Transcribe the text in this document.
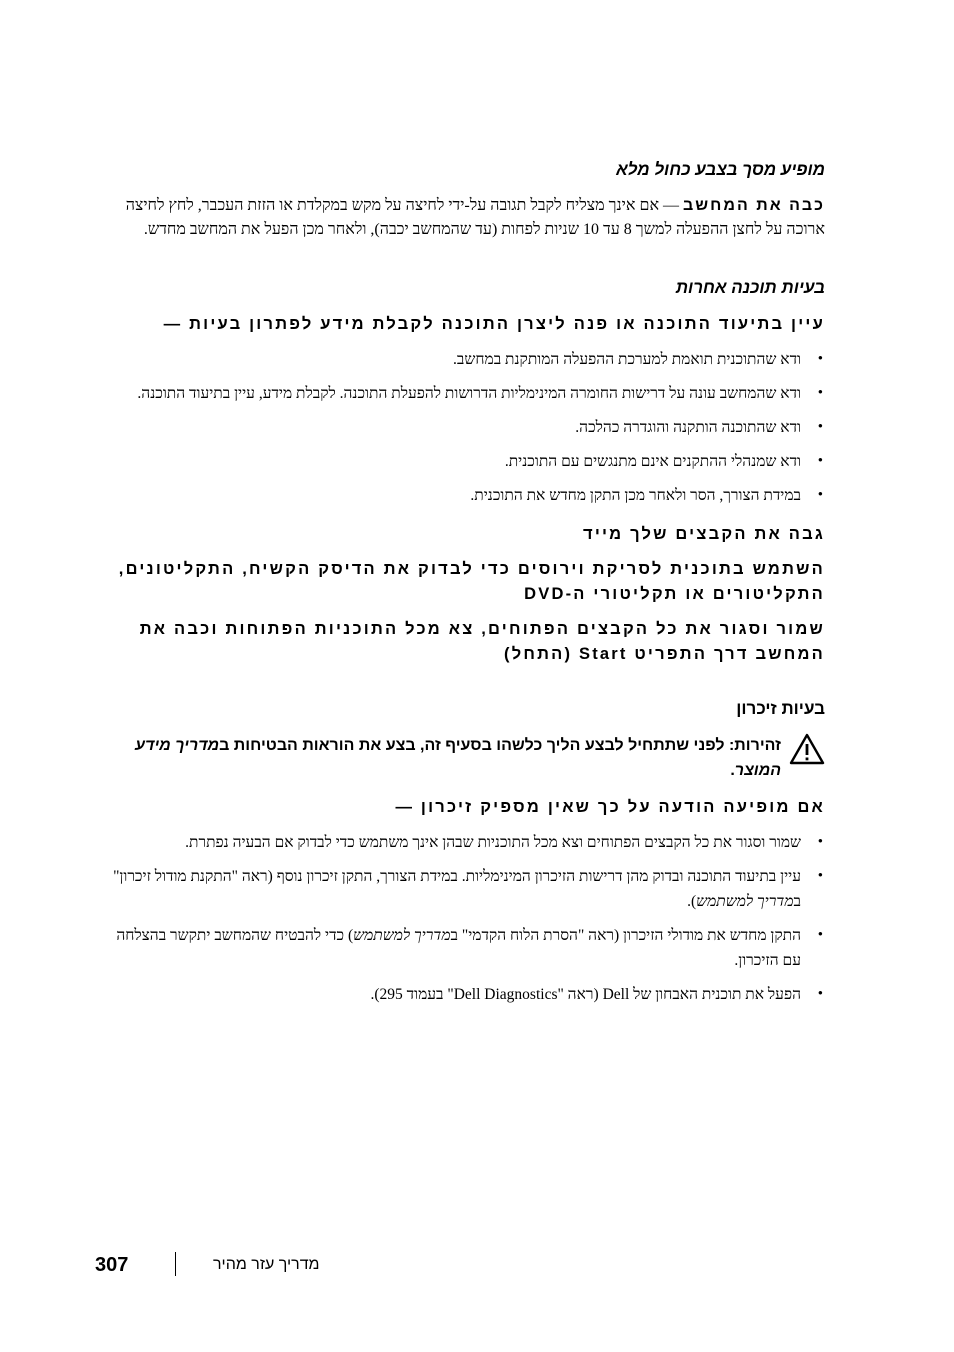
מופיע מסך בצבע כחול מלא

כבה את המחשב — אם אינך מצליח לקבל תגובה על-ידי לחיצה על מקש במקלדת או הזזת העכבר, לחץ לחיצה ארוכה על לחצן ההפעלה למשך 8 עד 10 שניות לפחות (עד שהמחשב יכבה), ולאחר מכן הפעל את המחשב מחדש.

בעיות תוכנה אחרות
עיין בתיעוד התוכנה או פנה ליצרן התוכנה לקבלת מידע לפתרון בעיות —
• ודא שהתוכנית תואמת למערכת ההפעלה המותקנת במחשב.
• ודא שהמחשב עונה על דרישות החומרה המינימליות הדרושות להפעלת התוכנה. לקבלת מידע, עיין בתיעוד התוכנה.
• ודא שהתוכנה הותקנה והוגדרה כהלכה.
• ודא שמנהלי ההתקנים אינם מתנגשים עם התוכנית.
• במידת הצורך, הסר ולאחר מכן התקן מחדש את התוכנית.
גבה את הקבצים שלך מייד
השתמש בתוכנית לסריקת וירוסים כדי לבדוק את הדיסק הקשיח, התקליטונים, התקליטורים או תקליטורי ה-DVD
שמור וסגור את כל הקבצים הפתוחים, צא מכל התוכניות הפתוחות וכבה את המחשב דרך התפריט Start (התחל)
בעיות זיכרון
זהירות: לפני שתתחיל לבצע הליך כלשהו בסעיף זה, בצע את הוראות הבטיחות במדריך מידע המוצר.
אם מופיעה הודעה על כך שאין מספיק זיכרון —
• שמור וסגור את כל הקבצים הפתוחים וצא מכל התוכניות שבהן אינך משתמש כדי לבדוק אם הבעיה נפתרת.
• עיין בתיעוד התוכנה ובדוק מהן דרישות הזיכרון המינימליות. במידת הצורך, התקן זיכרון נוסף (ראה "התקנת מודול זיכרון" במדריך למשתמש).
• התקן מחדש את מודולי הזיכרון (ראה "הסרת הלוח הקדמי" במדריך למשתמש) כדי להבטיח שהמחשב יתקשר בהצלחה עם הזיכרון.
• הפעל את תוכנית האבחון של Dell (ראה "Dell Diagnostics" בעמוד 295).
307	מדריך עזר מהיר
